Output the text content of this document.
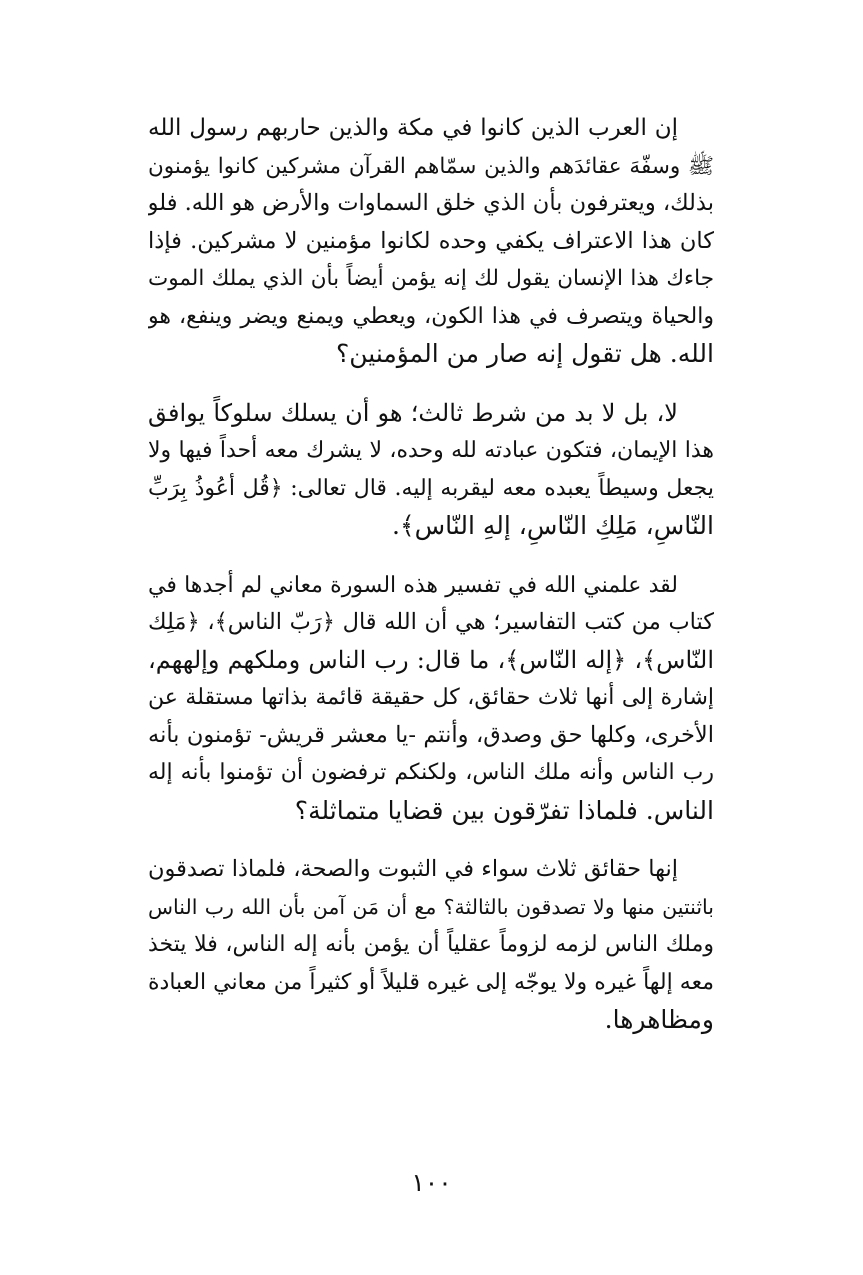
إن العرب الذين كانوا في مكة والذين حاربهم رسول الله
ﷺ وسفّهَ عقائدَهم والذين سمّاهم القرآن مشركين كانوا يؤمنون
بذلك، ويعترفون بأن الذي خلق السماوات والأرض هو الله. فلو
كان هذا الاعتراف يكفي وحده لكانوا مؤمنين لا مشركين. فإذا
جاءك هذا الإنسان يقول لك إنه يؤمن أيضاً بأن الذي يملك الموت
والحياة ويتصرف في هذا الكون، ويعطي ويمنع ويضر وينفع، هو
الله. هل تقول إنه صار من المؤمنين؟
لا، بل لا بد من شرط ثالث؛ هو أن يسلك سلوكاً يوافق
هذا الإيمان، فتكون عبادته لله وحده، لا يشرك معه أحداً فيها ولا
يجعل وسيطاً يعبده معه ليقربه إليه. قال تعالى: ﴿قُل أعُوذُ بِرَبِّ
النّاسِ، مَلِكِ النّاسِ، إلهِ النّاس﴾.
لقد علمني الله في تفسير هذه السورة معاني لم أجدها في
كتاب من كتب التفاسير؛ هي أن الله قال ﴿رَبّ الناس﴾، ﴿مَلِك
النّاس﴾، ﴿إله النّاس﴾، ما قال: رب الناس وملكهم وإلههم،
إشارة إلى أنها ثلاث حقائق، كل حقيقة قائمة بذاتها مستقلة عن
الأخرى، وكلها حق وصدق، وأنتم -يا معشر قريش- تؤمنون بأنه
رب الناس وأنه ملك الناس، ولكنكم ترفضون أن تؤمنوا بأنه إله
الناس. فلماذا تفرّقون بين قضايا متماثلة؟
إنها حقائق ثلاث سواء في الثبوت والصحة، فلماذا تصدقون
باثنتين منها ولا تصدقون بالثالثة؟ مع أن مَن آمن بأن الله رب الناس
وملك الناس لزمه لزوماً عقلياً أن يؤمن بأنه إله الناس، فلا يتخذ
معه إلهاً غيره ولا يوجّه إلى غيره قليلاً أو كثيراً من معاني العبادة
ومظاهرها.
١٠٠
